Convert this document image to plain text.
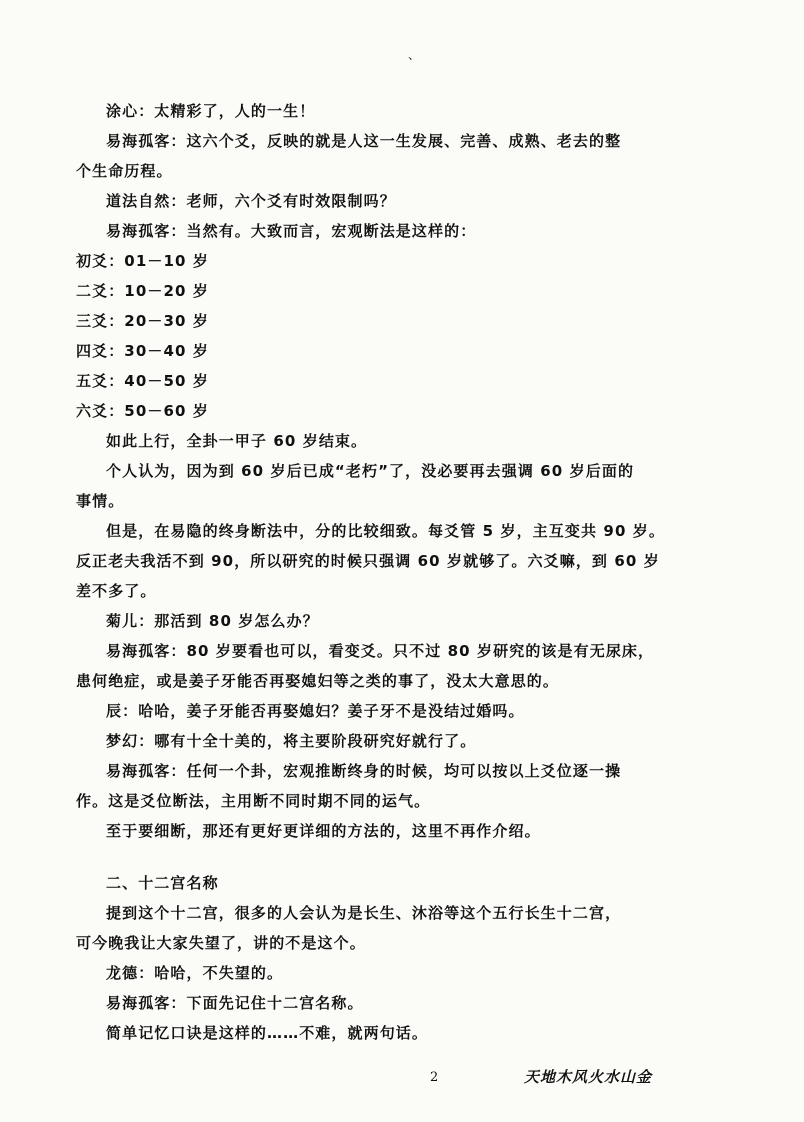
、
涂心：太精彩了，人的一生！
易海孤客：这六个爻，反映的就是人这一生发展、完善、成熟、老去的整
个生命历程。
道法自然：老师，六个爻有时效限制吗？
易海孤客：当然有。大致而言，宏观断法是这样的：
初爻：01－10 岁
二爻：10－20 岁
三爻：20－30 岁
四爻：30－40 岁
五爻：40－50 岁
六爻：50－60 岁
如此上行，全卦一甲子 60 岁结束。
个人认为，因为到 60 岁后已成“老朽”了，没必要再去强调 60 岁后面的
事情。
但是，在易隐的终身断法中，分的比较细致。每爻管 5 岁，主互变共 90 岁。
反正老夫我活不到 90，所以研究的时候只强调 60 岁就够了。六爻嘛，到 60 岁
差不多了。
菊儿：那活到 80 岁怎么办？
易海孤客：80 岁要看也可以，看变爻。只不过 80 岁研究的该是有无尿床，
患何绝症，或是姜子牙能否再娶媳妇等之类的事了，没太大意思的。
辰：哈哈，姜子牙能否再娶媳妇？姜子牙不是没结过婚吗。
梦幻：哪有十全十美的，将主要阶段研究好就行了。
易海孤客：任何一个卦，宏观推断终身的时候，均可以按以上爻位逐一操
作。这是爻位断法，主用断不同时期不同的运气。
至于要细断，那还有更好更详细的方法的，这里不再作介绍。
二、十二宫名称
提到这个十二宫，很多的人会认为是长生、沐浴等这个五行长生十二宫，
可今晚我让大家失望了，讲的不是这个。
龙德：哈哈，不失望的。
易海孤客：下面先记住十二宫名称。
简单记忆口诀是这样的……不难，就两句话。
2	天地木风火水山金
